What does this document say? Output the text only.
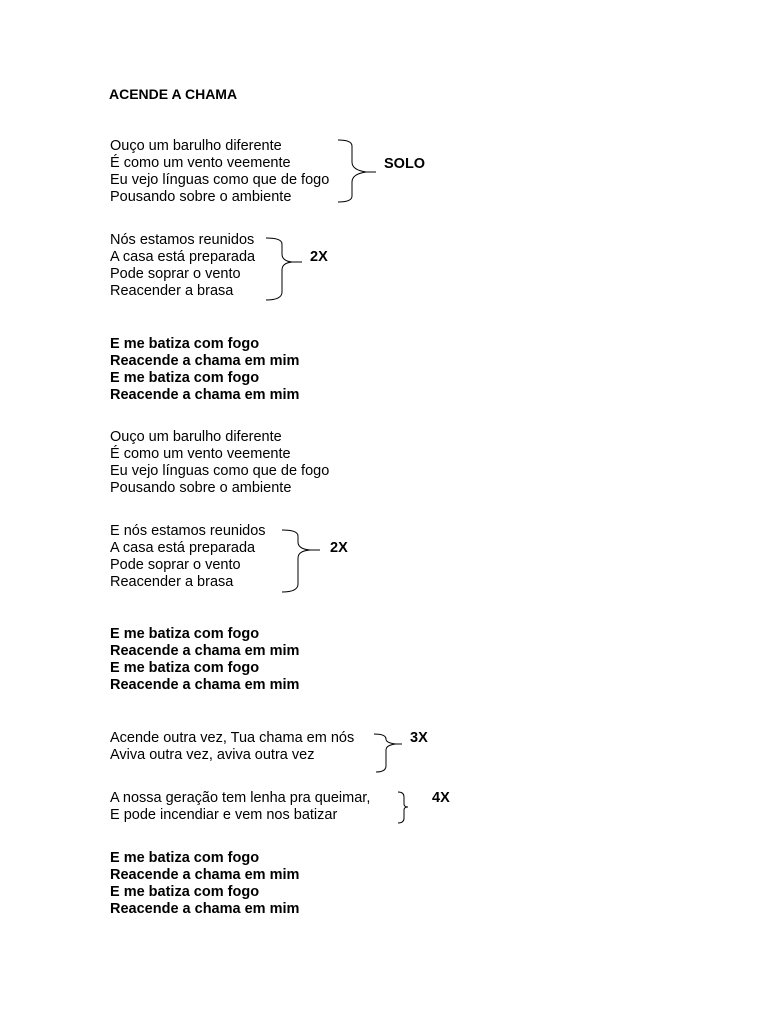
ACENDE A CHAMA
Ouço um barulho diferente
É como um vento veemente
Eu vejo línguas como que de fogo
Pousando sobre o ambiente
SOLO
Nós estamos reunidos
A casa está preparada
Pode soprar o vento
Reacender a brasa
2X
E me batiza com fogo
Reacende a chama em mim
E me batiza com fogo
Reacende a chama em mim
Ouço um barulho diferente
É como um vento veemente
Eu vejo línguas como que de fogo
Pousando sobre o ambiente
E nós estamos reunidos
A casa está preparada
Pode soprar o vento
Reacender a brasa
2X
E me batiza com fogo
Reacende a chama em mim
E me batiza com fogo
Reacende a chama em mim
Acende outra vez, Tua chama em nós
Aviva outra vez, aviva outra vez
3X
A nossa geração tem lenha pra queimar,
E pode incendiar e vem nos batizar
4X
E me batiza com fogo
Reacende a chama em mim
E me batiza com fogo
Reacende a chama em mim
